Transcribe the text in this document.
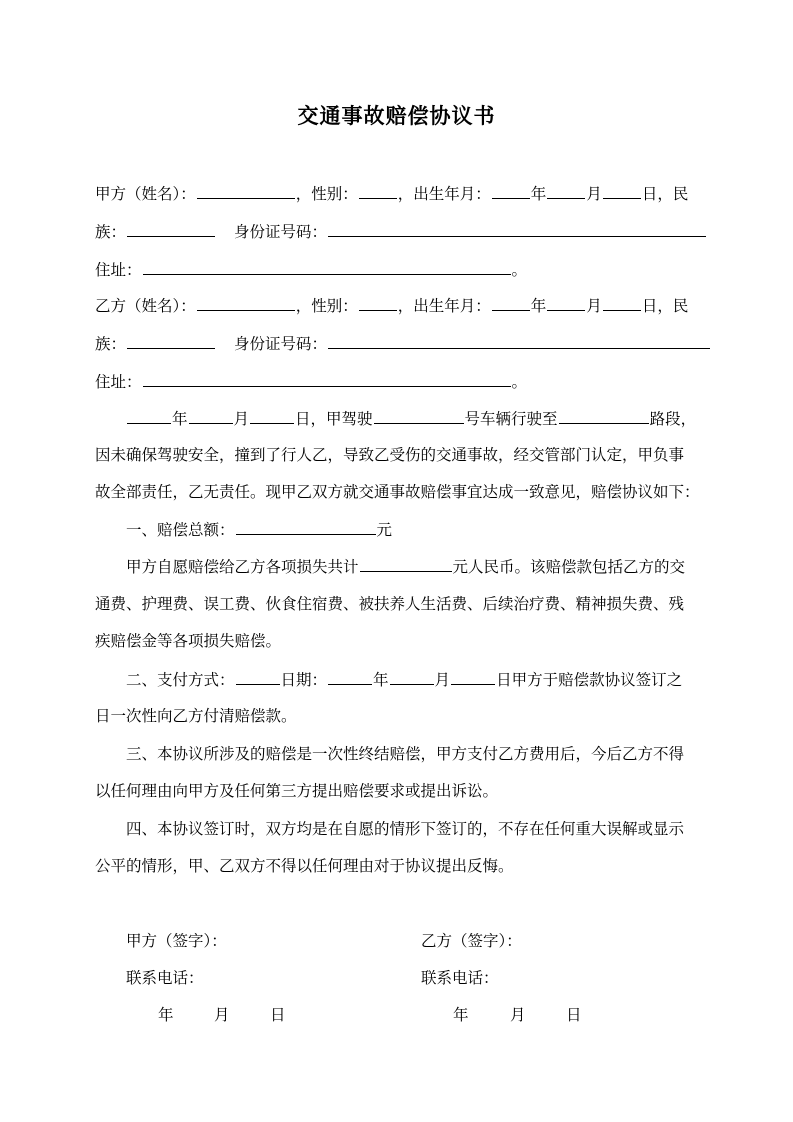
交通事故赔偿协议书
甲方（姓名）：	，性别：	，出生年月：	年	月	日，民
族：	身份证号码：
住址：	。
乙方（姓名）：	，性别：	，出生年月：	年	月	日，民
族：	身份证号码：
住址：	。
年	月	日，甲驾驶	号车辆行驶至	路段，
因未确保驾驶安全，撞到了行人乙，导致乙受伤的交通事故，经交管部门认定，甲负事
故全部责任，乙无责任。现甲乙双方就交通事故赔偿事宜达成一致意见，赔偿协议如下：
一、赔偿总额：	元
甲方自愿赔偿给乙方各项损失共计	元人民币。该赔偿款包括乙方的交
通费、护理费、误工费、伙食住宿费、被扶养人生活费、后续治疗费、精神损失费、残
疾赔偿金等各项损失赔偿。
二、支付方式：	日期：	年	月	日甲方于赔偿款协议签订之
日一次性向乙方付清赔偿款。
三、本协议所涉及的赔偿是一次性终结赔偿，甲方支付乙方费用后，今后乙方不得
以任何理由向甲方及任何第三方提出赔偿要求或提出诉讼。
四、本协议签订时，双方均是在自愿的情形下签订的，不存在任何重大误解或显示
公平的情形，甲、乙双方不得以任何理由对于协议提出反悔。
甲方（签字）：	乙方（签字）：
联系电话：	联系电话：
年	月	日	年	月	日
